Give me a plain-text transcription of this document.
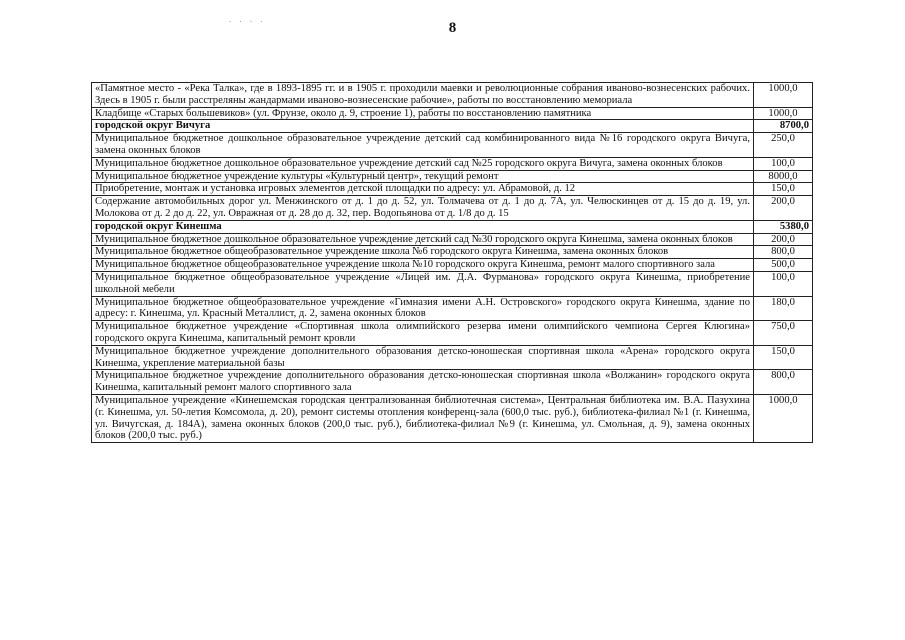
8
· · · ·
«Памятное место - «Река Талка», где в 1893-1895 гг. и в 1905 г. проходили маевки и революционные собрания иваново-вознесенских рабочих. Здесь в 1905 г. были расстреляны жандармами иваново-вознесенские рабочие», работы по восстановлению мемориала	1000,0
Кладбище «Старых большевиков» (ул. Фрунзе, около д. 9, строение 1), работы по восстановлению памятника	1000,0
городской округ Вичуга	8700,0
Муниципальное бюджетное дошкольное образовательное учреждение детский сад комбинированного вида №16 городского округа Вичуга, замена оконных блоков	250,0
Муниципальное бюджетное дошкольное образовательное учреждение детский сад №25 городского округа Вичуга, замена оконных блоков	100,0
Муниципальное бюджетное учреждение культуры «Культурный центр», текущий ремонт	8000,0
Приобретение, монтаж и установка игровых элементов детской площадки по адресу: ул. Абрамовой, д. 12	150,0
Содержание автомобильных дорог ул. Менжинского от д. 1 до д. 52, ул. Толмачева от д. 1 до д. 7А, ул. Челюскинцев от д. 15 до д. 19, ул. Молокова от д. 2 до д. 22, ул. Овражная от д. 28 до д. 32, пер. Водопьянова от д. 1/8 до д. 15	200,0
городской округ Кинешма	5380,0
Муниципальное бюджетное дошкольное образовательное учреждение детский сад №30 городского округа Кинешма, замена оконных блоков	200,0
Муниципальное бюджетное общеобразовательное учреждение школа №6 городского округа Кинешма, замена оконных блоков	800,0
Муниципальное бюджетное общеобразовательное учреждение школа №10 городского округа Кинешма, ремонт малого спортивного зала	500,0
Муниципальное бюджетное общеобразовательное учреждение «Лицей им. Д.А. Фурманова» городского округа Кинешма, приобретение школьной мебели	100,0
Муниципальное бюджетное общеобразовательное учреждение «Гимназия имени А.Н. Островского» городского округа Кинешма, здание по адресу: г. Кинешма, ул. Красный Металлист, д. 2, замена оконных блоков	180,0
Муниципальное бюджетное учреждение «Спортивная школа олимпийского резерва имени олимпийского чемпиона Сергея Клюгина» городского округа Кинешма, капитальный ремонт кровли	750,0
Муниципальное бюджетное учреждение дополнительного образования детско-юношеская спортивная школа «Арена» городского округа Кинешма, укрепление материальной базы	150,0
Муниципальное бюджетное учреждение дополнительного образования детско-юношеская спортивная школа «Волжанин» городского округа Кинешма, капитальный ремонт малого спортивного зала	800,0
Муниципальное учреждение «Кинешемская городская централизованная библиотечная система», Центральная библиотека им. В.А. Пазухина (г. Кинешма, ул. 50-летия Комсомола, д. 20), ремонт системы отопления конференц-зала (600,0 тыс. руб.), библиотека-филиал №1 (г. Кинешма, ул. Вичугская, д. 184А), замена оконных блоков (200,0 тыс. руб.), библиотека-филиал №9 (г. Кинешма, ул. Смольная, д. 9), замена оконных блоков (200,0 тыс. руб.)	1000,0
